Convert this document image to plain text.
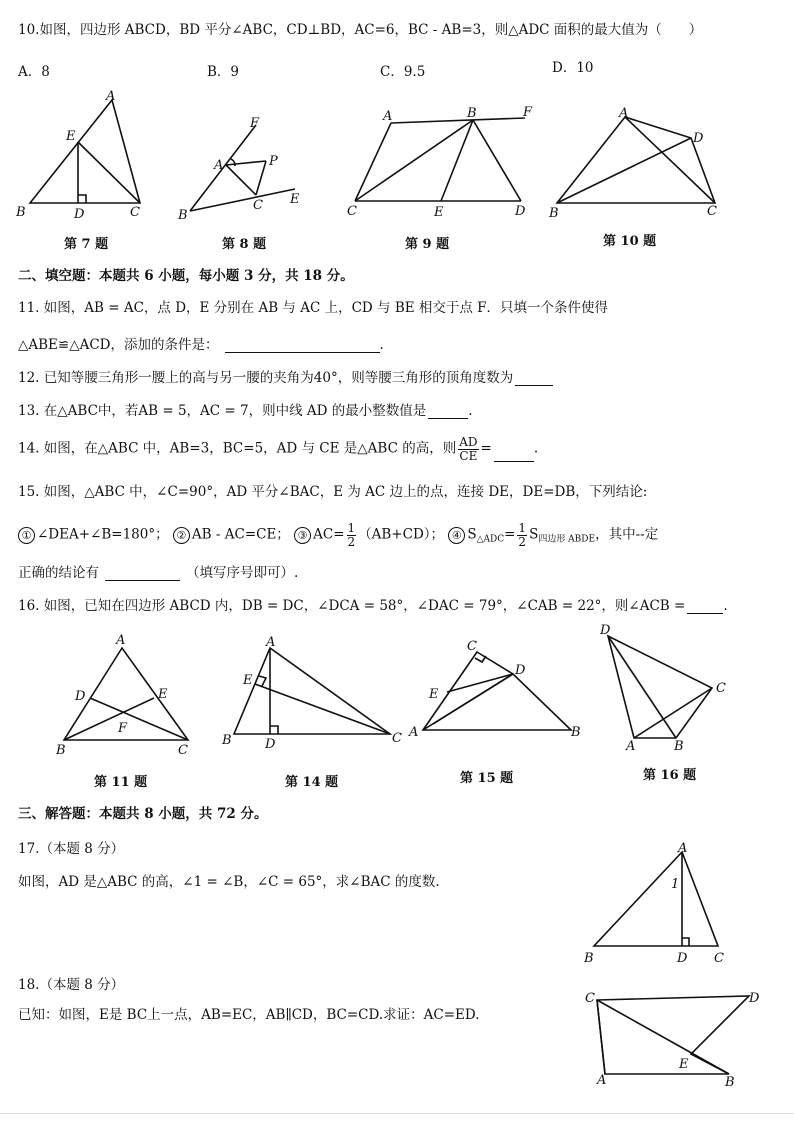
10.如图，四边形 ABCD，BD 平分∠ABC，CD⊥BD，AC=6，BC - AB=3，则△ADC 面积的最大值为（　　）
A．8	B．9	C．9.5	D．10
A
E
B	D	C
第 7 题
F
A	P
B
C E
第 8 题
A	B	F
C	E	D
第 9 题
A
D
B	C
第 10 题
二、填空题：本题共 6 小题，每小题 3 分，共 18 分。
11. 如图，AB = AC，点 D，E 分别在 AB 与 AC 上，CD 与 BE 相交于点 F．只填一个条件使得
△ABE≌△ACD，添加的条件是：	.
12. 已知等腰三角形一腰上的高与另一腰的夹角为40°，则等腰三角形的顶角度数为
13. 在△ABC中，若AB = 5，AC = 7，则中线 AD 的最小整数值是	.
14. 如图，在△ABC 中，AB=3，BC=5，AD 与 CE 是△ABC 的高，则 $\frac{AD}{CE}$ =	.
15. 如图，△ABC 中，∠C=90°，AD 平分∠BAC，E 为 AC 边上的点，连接 DE，DE=DB，下列结论:
① ∠DEA+∠B=180°； ② AB - AC=CE； ③ $AC= \frac{1}{2} (AB+CD)$； ④ $S_{\triangle ADC}= \frac{1}{2} S_{四边形 ABDE}$，其中--定
正确的结论有	（填写序号即可）.
16. 如图，已知在四边形 ABCD 内，DB = DC，∠DCA = 58°，∠DAC = 79°，∠CAB = 22°，则∠ACB =	.
A
D	E
F
B	C
第 11 题
A
E
B	D	C
第 14 题
C
D
E
A	B
第 15 题
D
C
A	B
第 16 题
三、解答题：本题共 8 小题，共 72 分。
17.（本题 8 分）
如图，AD 是△ABC 的高，∠1 = ∠B，∠C = 65°，求∠BAC 的度数.
A
1
B	D C
18.（本题 8 分）
已知：如图，E是 BC上一点，AB=EC，AB∥CD，BC=CD.求证：AC=ED.
C	D
E
A	B
